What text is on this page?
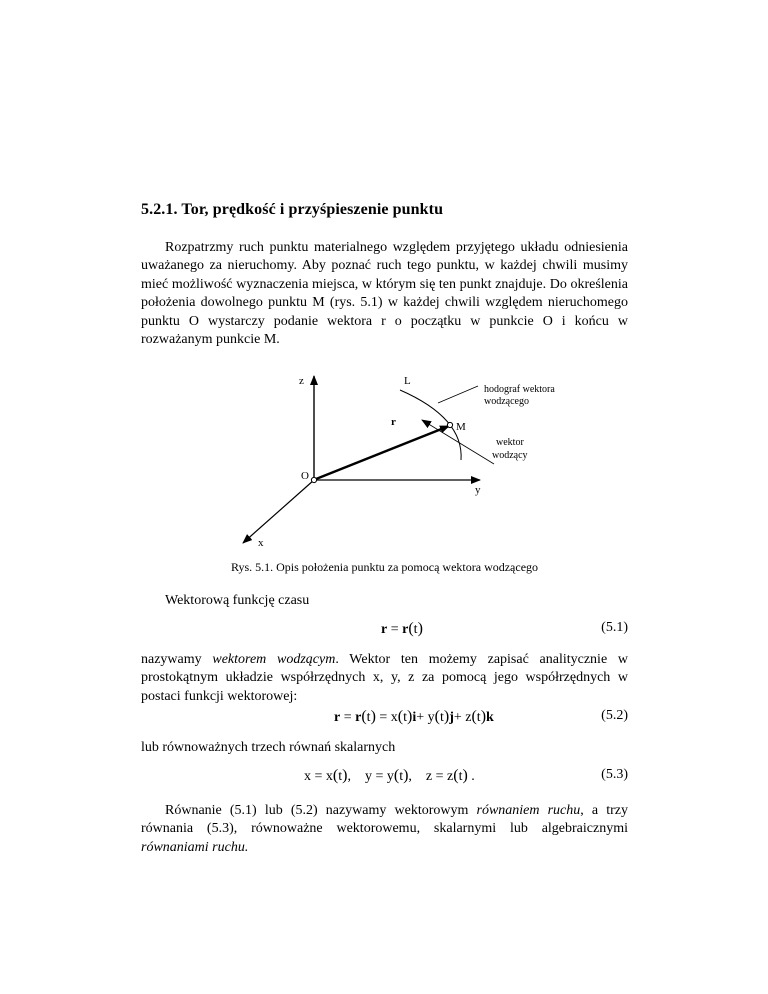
5.2.1. Tor, prędkość i przyśpieszenie punktu

Rozpatrzmy ruch punktu materialnego względem przyjętego układu odniesienia uważanego za nieruchomy. Aby poznać ruch tego punktu, w każdej chwili musimy mieć możliwość wyznaczenia miejsca, w którym się ten punkt znajduje. Do określenia położenia dowolnego punktu M (rys. 5.1) w każdej chwili względem nieruchomego punktu O wystarczy podanie wektora r o początku w punkcie O i końcu w rozważanym punkcie M.

z	L
hodograf wektora
wodzącego
M
r
wektor
wodzący
O
y
x

Rys. 5.1. Opis położenia punktu za pomocą wektora wodzącego

Wektorową funkcję czasu

r = r(t)	(5.1)

nazywamy wektorem wodzącym. Wektor ten możemy zapisać analitycznie w prostokątnym układzie współrzędnych x, y, z za pomocą jego współrzędnych w postaci funkcji wektorowej:

r = r(t) = x(t)i+ y(t)j+ z(t)k	(5.2)

lub równoważnych trzech równań skalarnych

x = x(t),    y = y(t),    z = z(t) .	(5.3)

Równanie (5.1) lub (5.2) nazywamy wektorowym równaniem ruchu, a trzy równania (5.3), równoważne wektorowemu, skalarnymi lub algebraicznymi równaniami ruchu.
